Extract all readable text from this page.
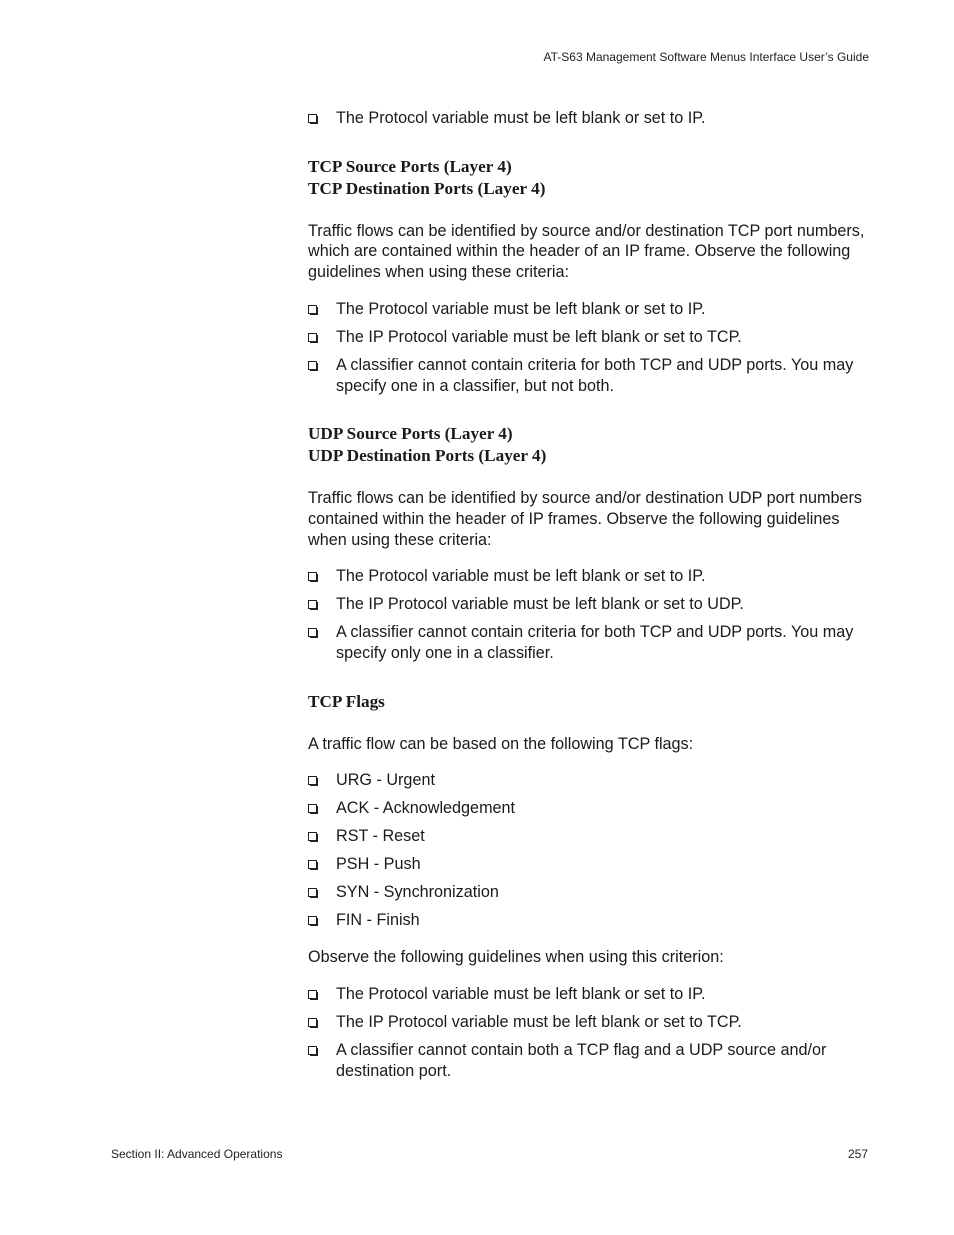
AT-S63 Management Software Menus Interface User’s Guide
The Protocol variable must be left blank or set to IP.

TCP Source Ports (Layer 4)

TCP Destination Ports (Layer 4)

Traffic flows can be identified by source and/or destination TCP port numbers, which are contained within the header of an IP frame. Observe the following guidelines when using these criteria:

The Protocol variable must be left blank or set to IP.
The IP Protocol variable must be left blank or set to TCP.
A classifier cannot contain criteria for both TCP and UDP ports. You may specify one in a classifier, but not both.

UDP Source Ports (Layer 4)

UDP Destination Ports (Layer 4)

Traffic flows can be identified by source and/or destination UDP port numbers contained within the header of IP frames. Observe the following guidelines when using these criteria:

The Protocol variable must be left blank or set to IP.
The IP Protocol variable must be left blank or set to UDP.
A classifier cannot contain criteria for both TCP and UDP ports. You may specify only one in a classifier.

TCP Flags

A traffic flow can be based on the following TCP flags:

URG - Urgent
ACK - Acknowledgement
RST - Reset
PSH - Push
SYN - Synchronization
FIN - Finish

Observe the following guidelines when using this criterion:

The Protocol variable must be left blank or set to IP.
The IP Protocol variable must be left blank or set to TCP.
A classifier cannot contain both a TCP flag and a UDP source and/or destination port.
Section II: Advanced Operations	257
